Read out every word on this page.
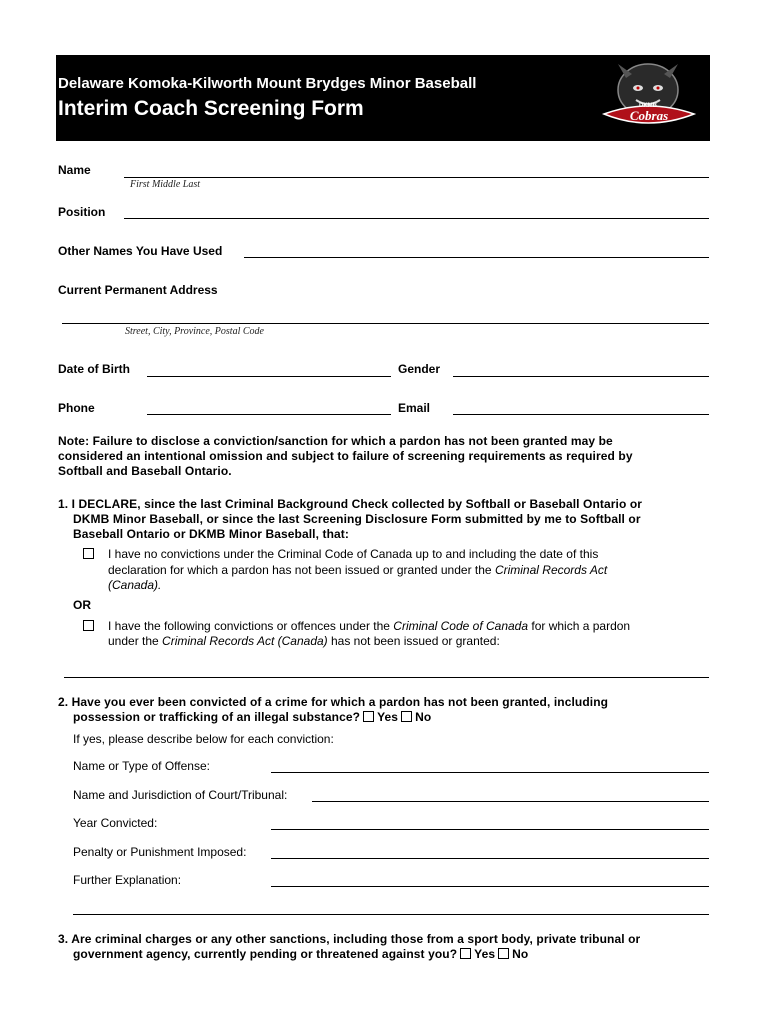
Delaware Komoka-Kilworth Mount Brydges Minor Baseball
Interim Coach Screening Form	DKMB
Cobras
Name
First Middle Last
Position
Other Names You Have Used
Current Permanent Address
Street, City, Province, Postal Code
Date of Birth	Gender
Phone	Email
Note: Failure to disclose a conviction/sanction for which a pardon has not been granted may be considered an intentional omission and subject to failure of screening requirements as required by Softball and Baseball Ontario.
1. I DECLARE, since the last Criminal Background Check collected by Softball or Baseball Ontario or
DKMB Minor Baseball, or since the last Screening Disclosure Form submitted by me to Softball or
Baseball Ontario or DKMB Minor Baseball, that:
I have no convictions under the Criminal Code of Canada up to and including the date of this
declaration for which a pardon has not been issued or granted under the Criminal Records Act
(Canada).
OR
I have the following convictions or offences under the Criminal Code of Canada for which a pardon
under the Criminal Records Act (Canada) has not been issued or granted:
2. Have you ever been convicted of a crime for which a pardon has not been granted, including
possession or trafficking of an illegal substance? Yes No
If yes, please describe below for each conviction:
Name or Type of Offense:
Name and Jurisdiction of Court/Tribunal:
Year Convicted:
Penalty or Punishment Imposed:
Further Explanation:
3. Are criminal charges or any other sanctions, including those from a sport body, private tribunal or
government agency, currently pending or threatened against you? Yes No
